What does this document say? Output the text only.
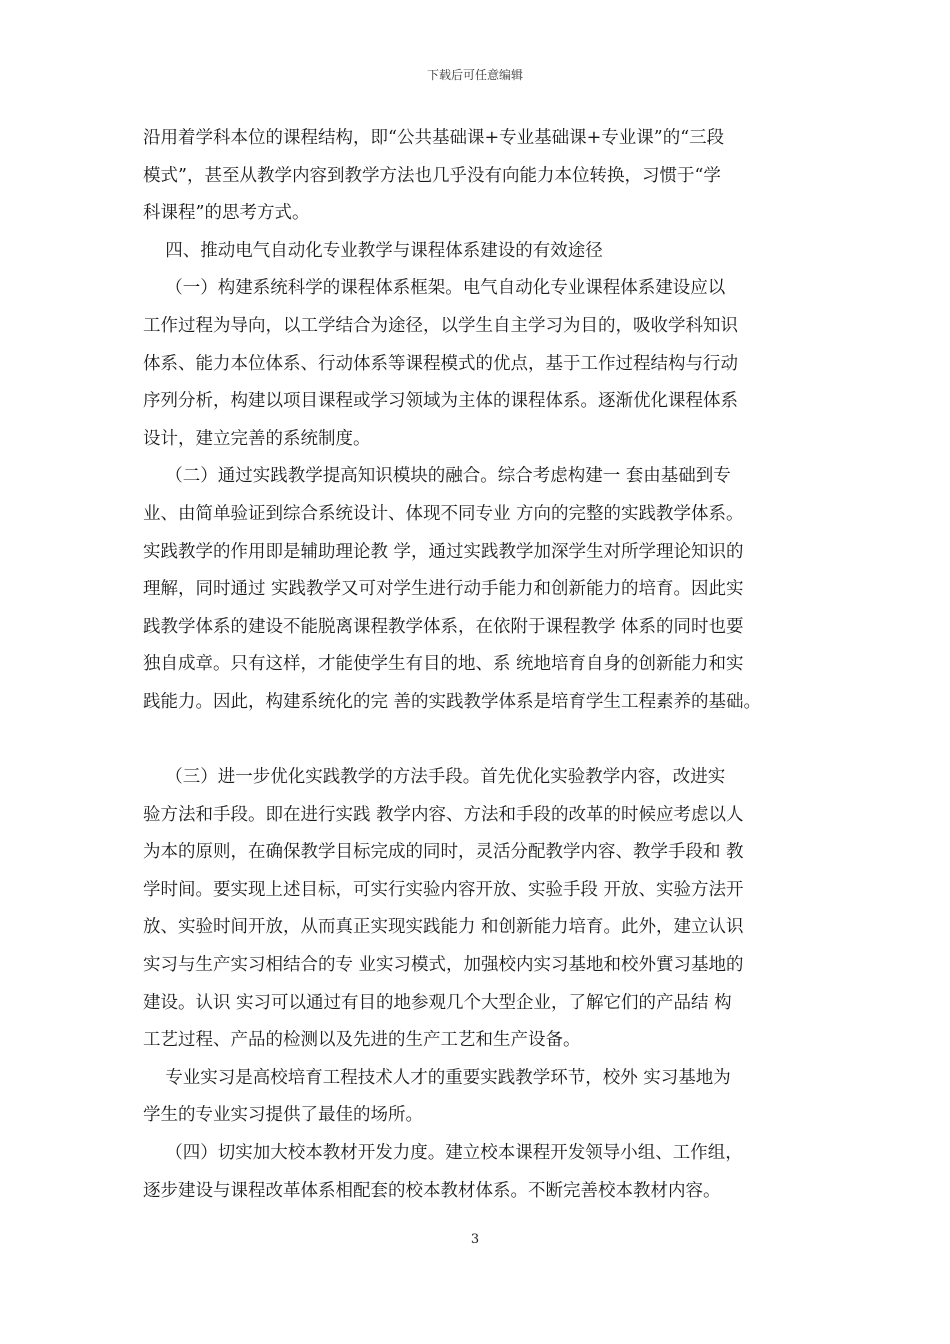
下载后可任意编辑
沿用着学科本位的课程结构，即“公共基础课+专业基础课+专业课”的“三段
模式”，甚至从教学内容到教学方法也几乎没有向能力本位转换，习惯于“学
科课程”的思考方式。
四、推动电气自动化专业教学与课程体系建设的有效途径
（一）构建系统科学的课程体系框架。电气自动化专业课程体系建设应以
工作过程为导向，以工学结合为途径，以学生自主学习为目的，吸收学科知识
体系、能力本位体系、行动体系等课程模式的优点，基于工作过程结构与行动
序列分析，构建以项目课程或学习领域为主体的课程体系。逐渐优化课程体系
设计，建立完善的系统制度。
（二）通过实践教学提高知识模块的融合。综合考虑构建一 套由基础到专
业、由简单验证到综合系统设计、体现不同专业 方向的完整的实践教学体系。
实践教学的作用即是辅助理论教 学，通过实践教学加深学生对所学理论知识的
理解，同时通过 实践教学又可对学生进行动手能力和创新能力的培育。因此实
践教学体系的建设不能脱离课程教学体系，在依附于课程教学 体系的同时也要
独自成章。只有这样，才能使学生有目的地、系 统地培育自身的创新能力和实
践能力。因此，构建系统化的完 善的实践教学体系是培育学生工程素养的基础。
（三）进一步优化实践教学的方法手段。首先优化实验教学内容，改进实
验方法和手段。即在进行实践 教学内容、方法和手段的改革的时候应考虑以人
为本的原则，在确保教学目标完成的同时，灵活分配教学内容、教学手段和 教
学时间。要实现上述目标，可实行实验内容开放、实验手段 开放、实验方法开
放、实验时间开放，从而真正实现实践能力 和创新能力培育。此外，建立认识
实习与生产实习相结合的专 业实习模式，加强校内实习基地和校外實习基地的
建设。认识 实习可以通过有目的地参观几个大型企业，了解它们的产品结 构
工艺过程、产品的检测以及先进的生产工艺和生产设备。
专业实习是高校培育工程技术人才的重要实践教学环节，校外 实习基地为
学生的专业实习提供了最佳的场所。
（四）切实加大校本教材开发力度。建立校本课程开发领导小组、工作组，
逐步建设与课程改革体系相配套的校本教材体系。不断完善校本教材内容。
3
